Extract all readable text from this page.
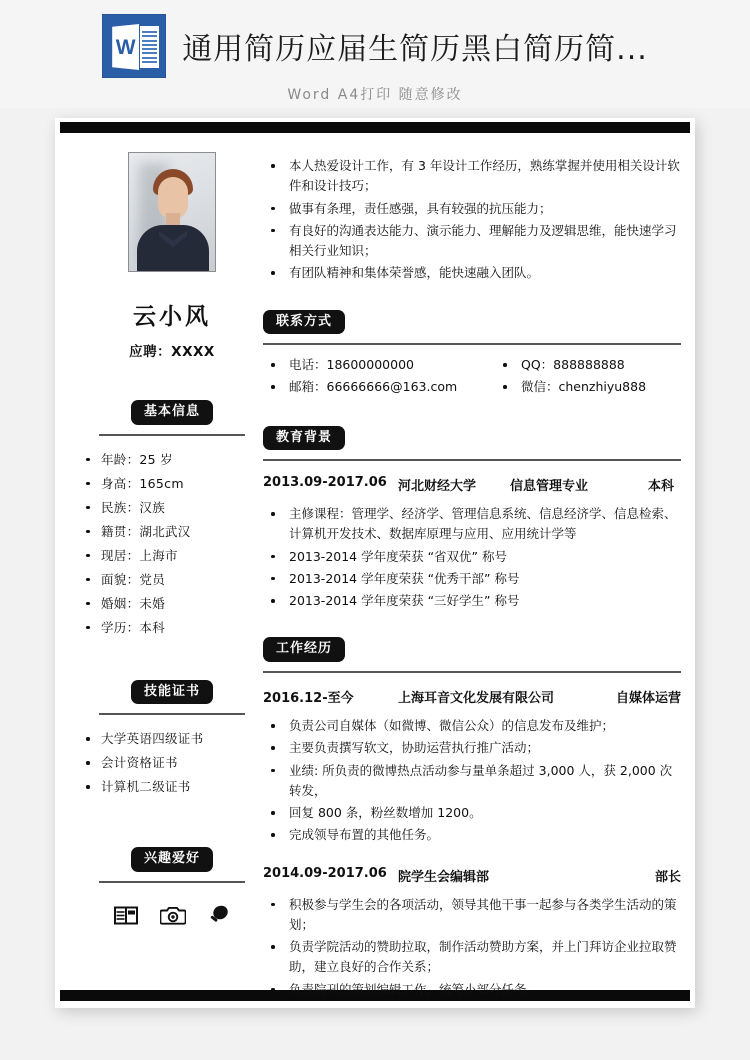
W 通用简历应届生简历黑白简历简...
Word A4打印 随意修改
云小风
应聘：XXXX
基本信息
年龄：25 岁
身高：165cm
民族：汉族
籍贯：湖北武汉
现居：上海市
面貌：党员
婚姻：未婚
学历：本科
技能证书
大学英语四级证书
会计资格证书
计算机二级证书
兴趣爱好
本人热爱设计工作，有 3 年设计工作经历，熟练掌握并使用相关设计软件和设计技巧；
做事有条理，责任感强，具有较强的抗压能力；
有良好的沟通表达能力、演示能力、理解能力及逻辑思维，能快速学习相关行业知识；
有团队精神和集体荣誉感，能快速融入团队。
联系方式
电话：18600000000
邮箱：66666666@163.com
QQ：888888888
微信：chenzhiyu888
教育背景
2013.09-2017.06 河北财经大学	信息管理专业	本科
主修课程：管理学、经济学、管理信息系统、信息经济学、信息检索、计算机开发技术、数据库原理与应用、应用统计学等
2013-2014 学年度荣获 “省双优” 称号
2013-2014 学年度荣获 “优秀干部” 称号
2013-2014 学年度荣获 “三好学生” 称号
工作经历
2016.12-至今	上海耳音文化发展有限公司	自媒体运营
负责公司自媒体（如微博、微信公众）的信息发布及维护；
主要负责撰写软文，协助运营执行推广活动；
业绩: 所负责的微博热点活动参与量单条超过 3,000 人，获 2,000 次转发，
回复 800 条，粉丝数增加 1200。
完成领导布置的其他任务。
2014.09-2017.06 院学生会编辑部	部长
积极参与学生会的各项活动，领导其他干事一起参与各类学生活动的策划；
负责学院活动的赞助拉取，制作活动赞助方案，并上门拜访企业拉取赞助，建立良好的合作关系；
负责院刊的策划编辑工作，统筹小部分任务。
